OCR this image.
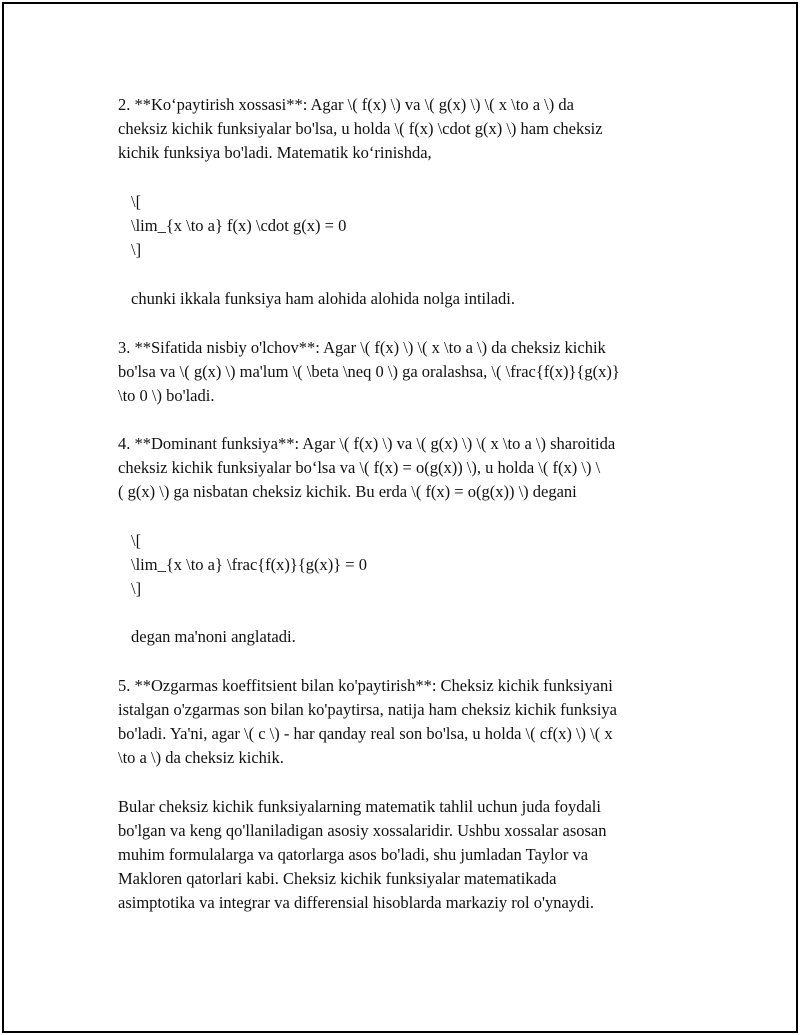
2. **Ko‘paytirish xossasi**: Agar \( f(x) \) va \( g(x) \) \( x \to a \) da
cheksiz kichik funksiyalar bo'lsa, u holda \( f(x) \cdot g(x) \) ham cheksiz
kichik funksiya bo'ladi. Matematik ko‘rinishda,

\[
\lim_{x \to a} f(x) \cdot g(x) = 0
\]

chunki ikkala funksiya ham alohida alohida nolga intiladi.

3. **Sifatida nisbiy o'lchov**: Agar \( f(x) \) \( x \to a \) da cheksiz kichik
bo'lsa va \( g(x) \) ma'lum \( \beta \neq 0 \) ga oralashsa, \( \frac{f(x)}{g(x)}
\to 0 \) bo'ladi.

4. **Dominant funksiya**: Agar \( f(x) \) va \( g(x) \) \( x \to a \) sharoitida
cheksiz kichik funksiyalar bo‘lsa va \( f(x) = o(g(x)) \), u holda \( f(x) \) \
( g(x) \) ga nisbatan cheksiz kichik. Bu erda \( f(x) = o(g(x)) \) degani

\[
\lim_{x \to a} \frac{f(x)}{g(x)} = 0
\]

degan ma'noni anglatadi.

5. **Ozgarmas koeffitsient bilan ko'paytirish**: Cheksiz kichik funksiyani
istalgan o'zgarmas son bilan ko'paytirsa, natija ham cheksiz kichik funksiya
bo'ladi. Ya'ni, agar \( c \) - har qanday real son bo'lsa, u holda \( cf(x) \) \( x
\to a \) da cheksiz kichik.

Bular cheksiz kichik funksiyalarning matematik tahlil uchun juda foydali
bo'lgan va keng qo'llaniladigan asosiy xossalaridir. Ushbu xossalar asosan
muhim formulalarga va qatorlarga asos bo'ladi, shu jumladan Taylor va
Makloren qatorlari kabi. Cheksiz kichik funksiyalar matematikada
asimptotika va integrar va differensial hisoblarda markaziy rol o'ynaydi.
